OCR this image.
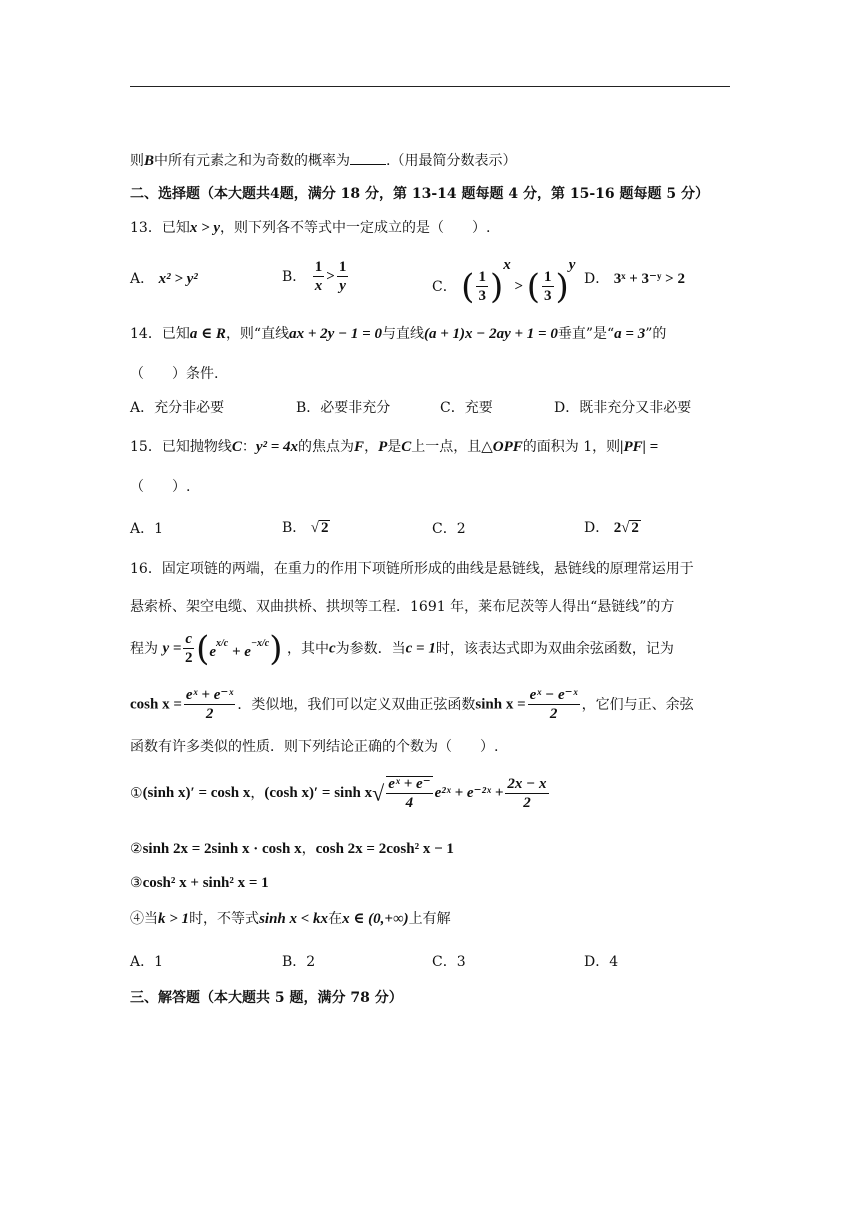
则B中所有元素之和为奇数的概率为	.（用最简分数表示）
二、选择题（本大题共4题，满分 18 分，第 13-14 题每题 4 分，第 15-16 题每题 5 分）
13．已知x > y，则下列各不等式中一定成立的是（　　）.
A． x² > y²	B． $\frac{1}{x} > \frac{1}{y}$	C． ( $\frac{1}{3} )^x$ > ( $\frac{1}{3} )^y$
D． 3ˣ + 3⁻ʸ > 2
14．已知a ∈ R，则“直线ax + 2y − 1 = 0与直线(a + 1)x − 2ay + 1 = 0垂直”是“a = 3”的
（　　）条件.
A．充分非必要	B．必要非充分	C．充要	D．既非充分又非必要
15．已知抛物线C：y² = 4x的焦点为F，P是C上一点，且△OPF的面积为 1，则|PF| =
（　　）.
A．1	B． √ 2	C．2	D． 2√ 2
16．固定项链的两端，在重力的作用下项链所形成的曲线是悬链线，悬链线的原理常运用于
悬索桥、架空电缆、双曲拱桥、拱坝等工程．1691 年，莱布尼茨等人得出“悬链线”的方
程为 $y = \frac{c}{2} (e^{x/c} + e^{-x/c})$ ，其中c为参数．当c = 1时，该表达式即为双曲余弦函数，记为
$\cosh x = \frac{\text{eˣ + e⁻ˣ}}{2}$ ．类似地，我们可以定义双曲正弦函数$\sinh x = \frac{\text{eˣ − e⁻ˣ}}{2}$ ，它们与正、余弦
函数有许多类似的性质．则下列结论正确的个数为（　　）.
①(sinh x)′ = cosh x，(cosh $x)' = \sinh x√ \frac{\text{eˣ + e⁻}}{4}$ e²ˣ + e⁻²ˣ + $\frac{2x - x}{2}$
②sinh 2x = 2sinh x · cosh x，cosh 2x = 2cosh² x − 1
③cosh² x + sinh² x = 1
④当k > 1时，不等式sinh x < kx在x ∈ (0,+∞)上有解
A．1	B．2	C．3	D．4
三、解答题（本大题共 5 题，满分 78 分）
